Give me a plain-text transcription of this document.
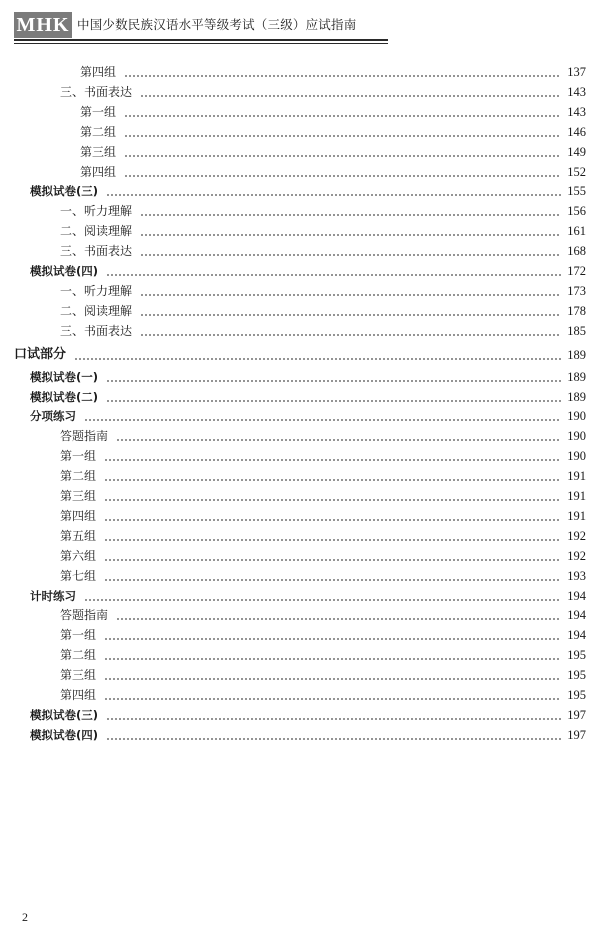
MHK 中国少数民族汉语水平等级考试（三级）应试指南
第四组	137
三、书面表达	143
第一组	143
第二组	146
第三组	149
第四组	152
模拟试卷(三)	155
一、听力理解	156
二、阅读理解	161
三、书面表达	168
模拟试卷(四)	172
一、听力理解	173
二、阅读理解	178
三、书面表达	185
口试部分	189
模拟试卷(一)	189
模拟试卷(二)	189
分项练习	190
答题指南	190
第一组	190
第二组	191
第三组	191
第四组	191
第五组	192
第六组	192
第七组	193
计时练习	194
答题指南	194
第一组	194
第二组	195
第三组	195
第四组	195
模拟试卷(三)	197
模拟试卷(四)	197
2
